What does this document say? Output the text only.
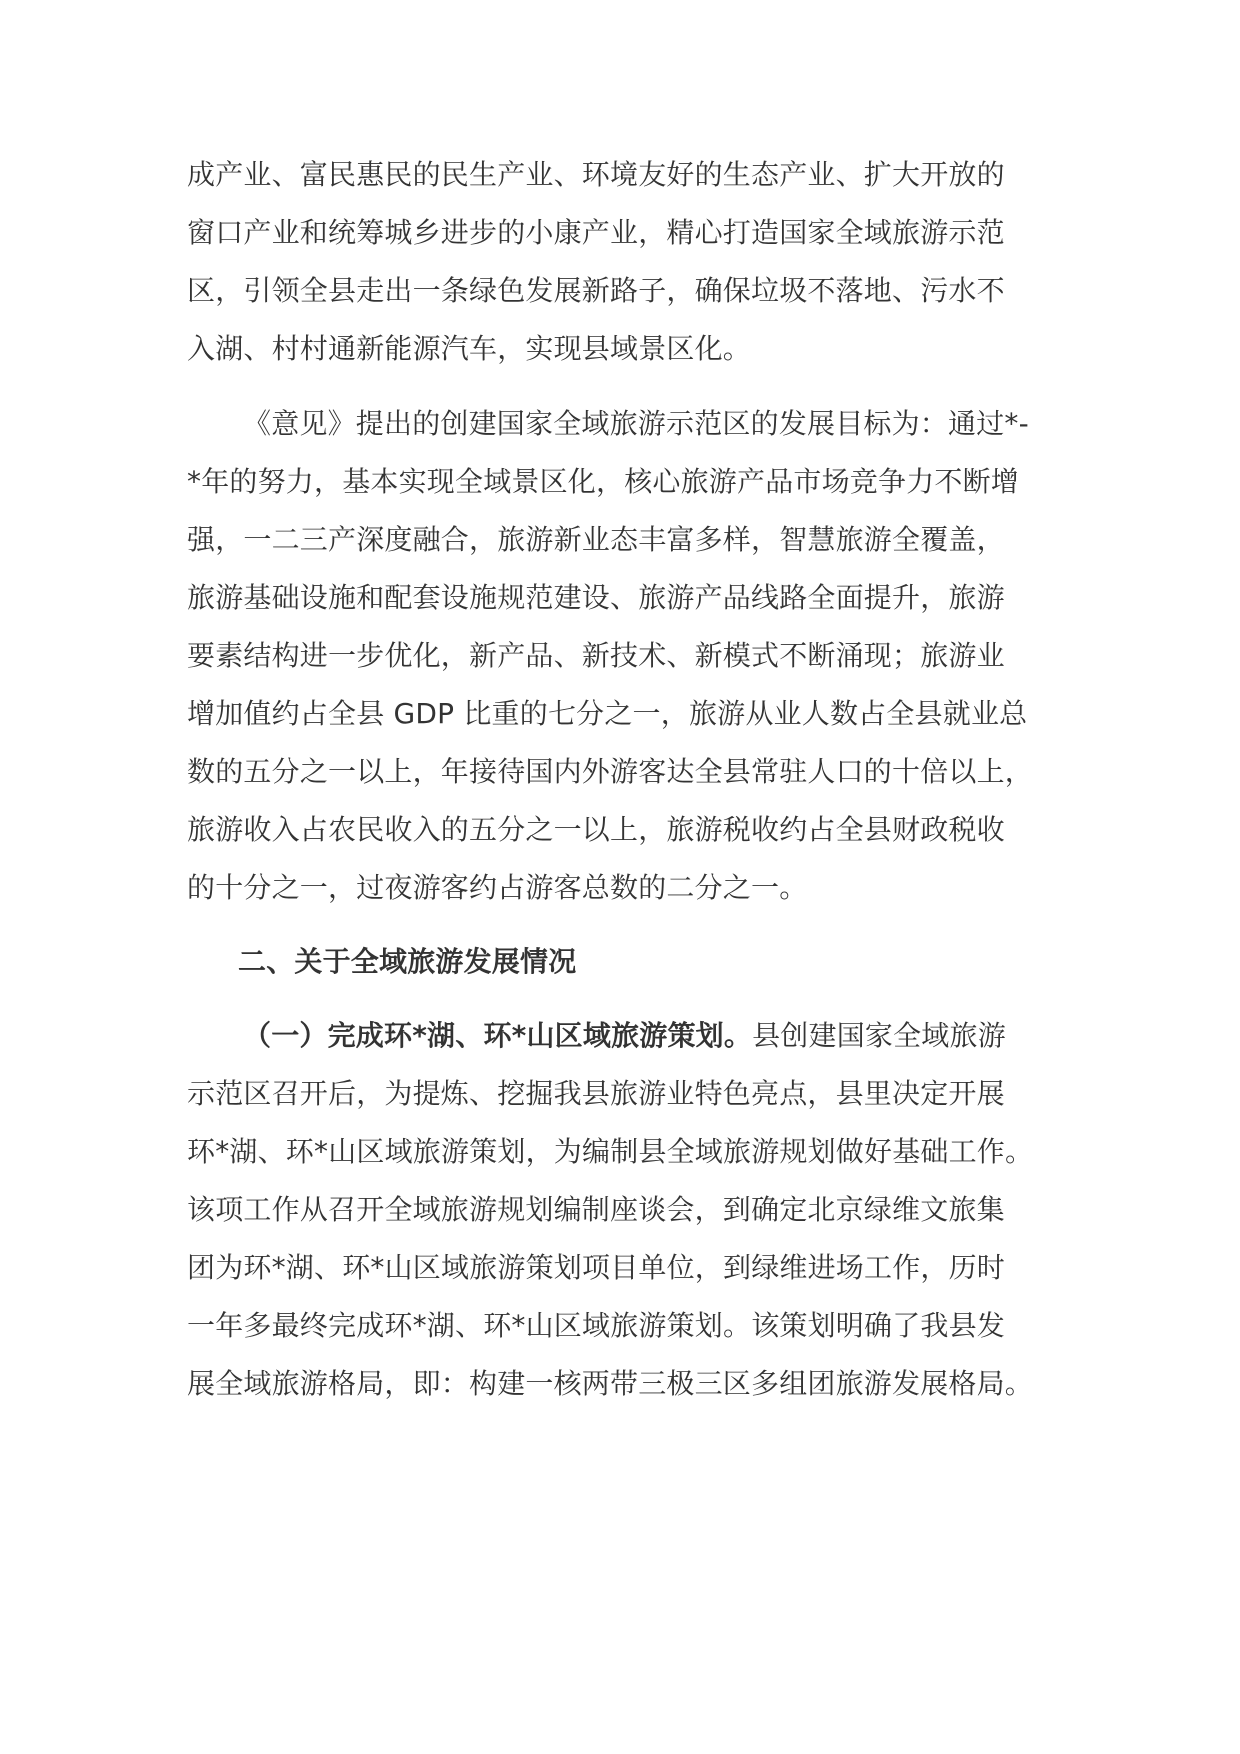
成产业、富民惠民的民生产业、环境友好的生态产业、扩大开放的
窗口产业和统筹城乡进步的小康产业，精心打造国家全域旅游示范
区，引领全县走出一条绿色发展新路子，确保垃圾不落地、污水不
入湖、村村通新能源汽车，实现县域景区化。
《意见》提出的创建国家全域旅游示范区的发展目标为：通过*-
*年的努力，基本实现全域景区化，核心旅游产品市场竞争力不断增
强，一二三产深度融合，旅游新业态丰富多样，智慧旅游全覆盖，
旅游基础设施和配套设施规范建设、旅游产品线路全面提升，旅游
要素结构进一步优化，新产品、新技术、新模式不断涌现；旅游业
增加值约占全县 GDP 比重的七分之一，旅游从业人数占全县就业总
数的五分之一以上，年接待国内外游客达全县常驻人口的十倍以上，
旅游收入占农民收入的五分之一以上，旅游税收约占全县财政税收
的十分之一，过夜游客约占游客总数的二分之一。
二、关于全域旅游发展情况
（一）完成环*湖、环*山区域旅游策划。县创建国家全域旅游
示范区召开后，为提炼、挖掘我县旅游业特色亮点，县里决定开展
环*湖、环*山区域旅游策划，为编制县全域旅游规划做好基础工作。
该项工作从召开全域旅游规划编制座谈会，到确定北京绿维文旅集
团为环*湖、环*山区域旅游策划项目单位，到绿维进场工作，历时
一年多最终完成环*湖、环*山区域旅游策划。该策划明确了我县发
展全域旅游格局，即：构建一核两带三极三区多组团旅游发展格局。
